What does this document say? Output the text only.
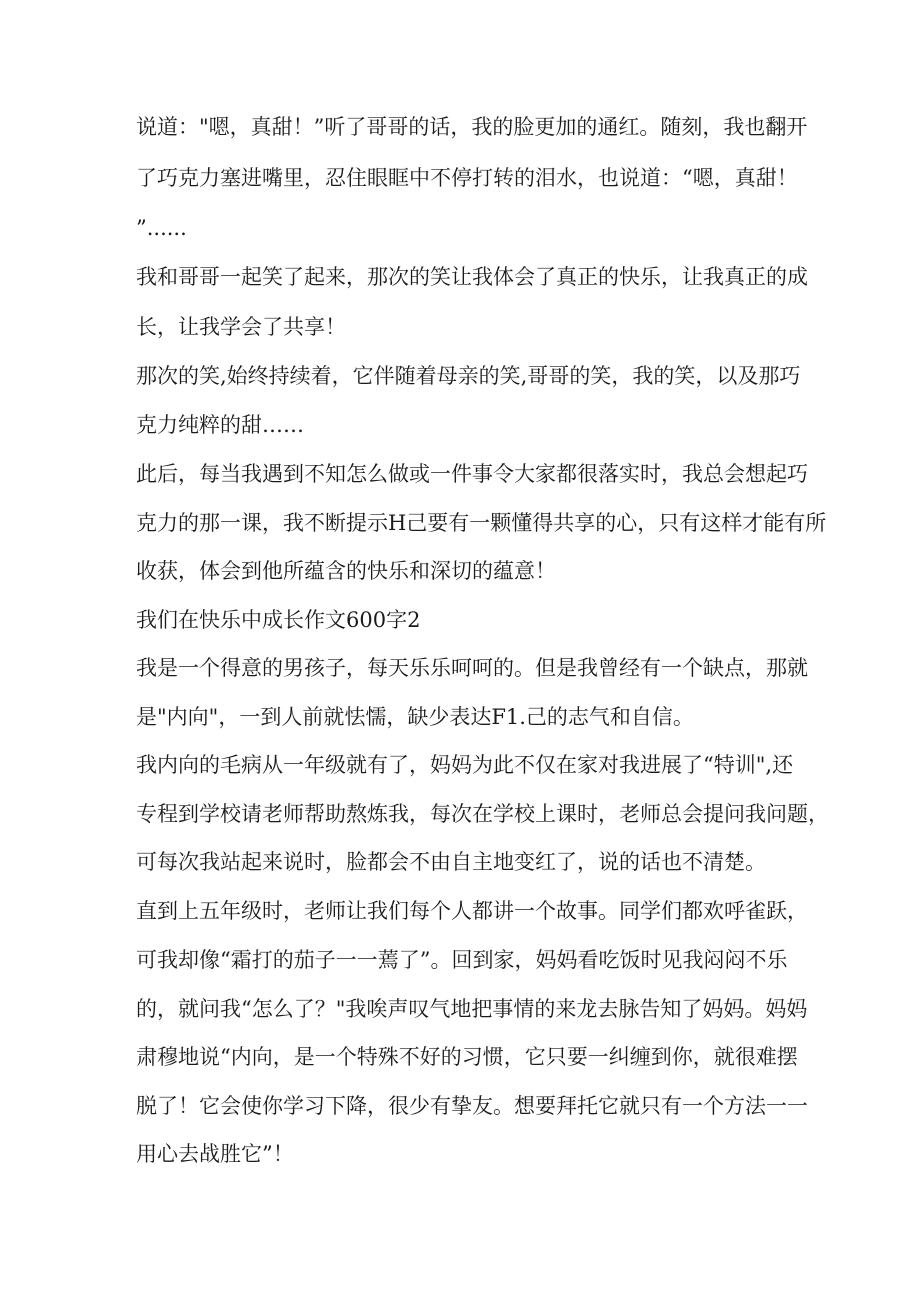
说道："嗯，真甜！”听了哥哥的话，我的脸更加的通红。随刻，我也翻开
了巧克力塞进嘴里，忍住眼眶中不停打转的泪水，也说道：“嗯，真甜！
”......
我和哥哥一起笑了起来，那次的笑让我体会了真正的快乐，让我真正的成
长，让我学会了共享！
那次的笑,始终持续着，它伴随着母亲的笑,哥哥的笑，我的笑，以及那巧
克力纯粹的甜……
此后，每当我遇到不知怎么做或一件事令大家都很落实时，我总会想起巧
克力的那一课，我不断提示H己要有一颗懂得共享的心，只有这样才能有所
收获，体会到他所蕴含的快乐和深切的蕴意！
我们在快乐中成长作文600字2
我是一个得意的男孩子，每天乐乐呵呵的。但是我曾经有一个缺点，那就
是"内向"，一到人前就怯懦，缺少表达F1.己的志气和自信。
我内向的毛病从一年级就有了，妈妈为此不仅在家对我进展了“特训",还
专程到学校请老师帮助熬炼我，每次在学校上课时，老师总会提问我问题，
可每次我站起来说时，脸都会不由自主地变红了，说的话也不清楚。
直到上五年级时，老师让我们每个人都讲一个故事。同学们都欢呼雀跃，
可我却像“霜打的茄子一一蔫了”。回到家，妈妈看吃饭时见我闷闷不乐
的，就问我“怎么了？"我唉声叹气地把事情的来龙去脉告知了妈妈。妈妈
肃穆地说“内向，是一个特殊不好的习惯，它只要一纠缠到你，就很难摆
脱了！它会使你学习下降，很少有挚友。想要拜托它就只有一个方法一一
用心去战胜它”！
